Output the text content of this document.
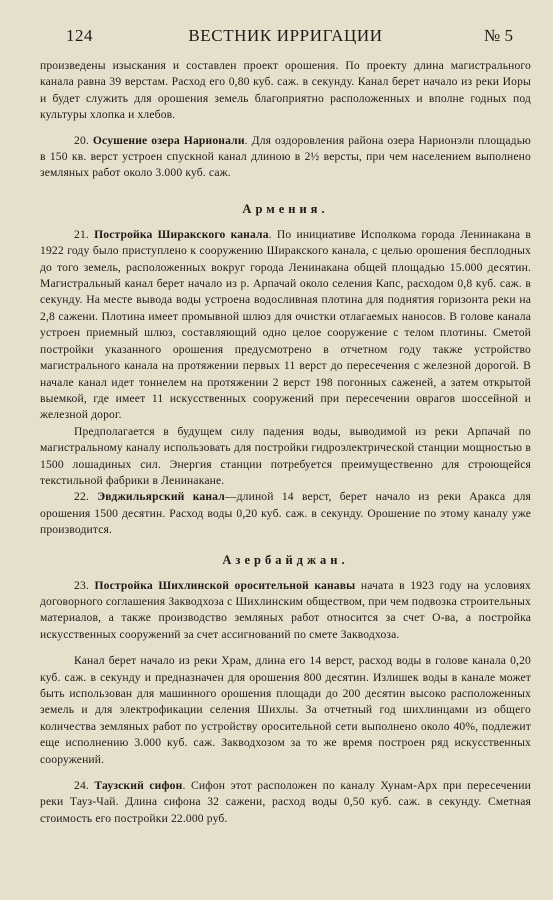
124	ВЕСТНИК ИРРИГАЦИИ	№ 5

произведены изыскания и составлен проект орошения. По проекту длина магистрального канала равна 39 верстам. Расход его 0,80 куб. саж. в секунду. Канал берет начало из реки Иоры и будет служить для орошения земель благоприятно расположенных и вполне годных под культуры хлопка и хлебов.

20. Осушение озера Нарионали. Для оздоровления района озера Нарионэли площадью в 150 кв. верст устроен спускной канал длиною в 2½ версты, при чем населением выполнено земляных работ около 3.000 куб. саж.

Армения.

21. Постройка Ширакского канала. По инициативе Исполкома города Ленинакана в 1922 году было приступлено к сооружению Ширакского канала, с целью орошения бесплодных до того земель, расположенных вокруг города Ленинакана общей площадью 15.000 десятин. Магистральный канал берет начало из р. Арпачай около селения Капс, расходом 0,8 куб. саж. в секунду. На месте вывода воды устроена водосливная плотина для поднятия горизонта реки на 2,8 сажени. Плотина имеет промывной шлюз для очистки отлагаемых наносов. В голове канала устроен приемный шлюз, составляющий одно целое сооружение с телом плотины. Сметой постройки указанного орошения предусмотрено в отчетном году также устройство магистрального канала на протяжении первых 11 верст до пересечения с железной дорогой. В начале канал идет тоннелем на протяжении 2 верст 198 погонных саженей, а затем открытой выемкой, где имеет 11 искусственных сооружений при пересечении оврагов шоссейной и железной дорог.

Предполагается в будущем силу падения воды, выводимой из реки Арпачай по магистральному каналу использовать для постройки гидроэлектрической станции мощностью в 1500 лошадиных сил. Энергия станции потребуется преимущественно для строющейся текстильной фабрики в Ленинакане.

22. Эвджильярский канал—длиной 14 верст, берет начало из реки Аракса для орошения 1500 десятин. Расход воды 0,20 куб. саж. в секунду. Орошение по этому каналу уже производится.

Азербайджан.

23. Постройка Шихлинской оросительной канавы начата в 1923 году на условиях договорного соглашения Закводхоза с Шихлинским обществом, при чем подвозка строительных материалов, а также производство земляных работ относится за счет О-ва, а постройка искусственных сооружений за счет ассигнований по смете Закводхоза.

Канал берет начало из реки Храм, длина его 14 верст, расход воды в голове канала 0,20 куб. саж. в секунду и предназначен для орошения 800 десятин. Излишек воды в канале может быть использован для машинного орошения площади до 200 десятин высоко расположенных земель и для электрофикации селения Шихлы. За отчетный год шихлинцами из общего количества земляных работ по устройству оросительной сети выполнено около 40%, подлежит еще исполнению 3.000 куб. саж. Закводхозом за то же время построен ряд искусственных сооружений.

24. Таузский сифон. Сифон этот расположен по каналу Хунам-Арх при пересечении реки Тауз-Чай. Длина сифона 32 сажени, расход воды 0,50 куб. саж. в секунду. Сметная стоимость его постройки 22.000 руб.
